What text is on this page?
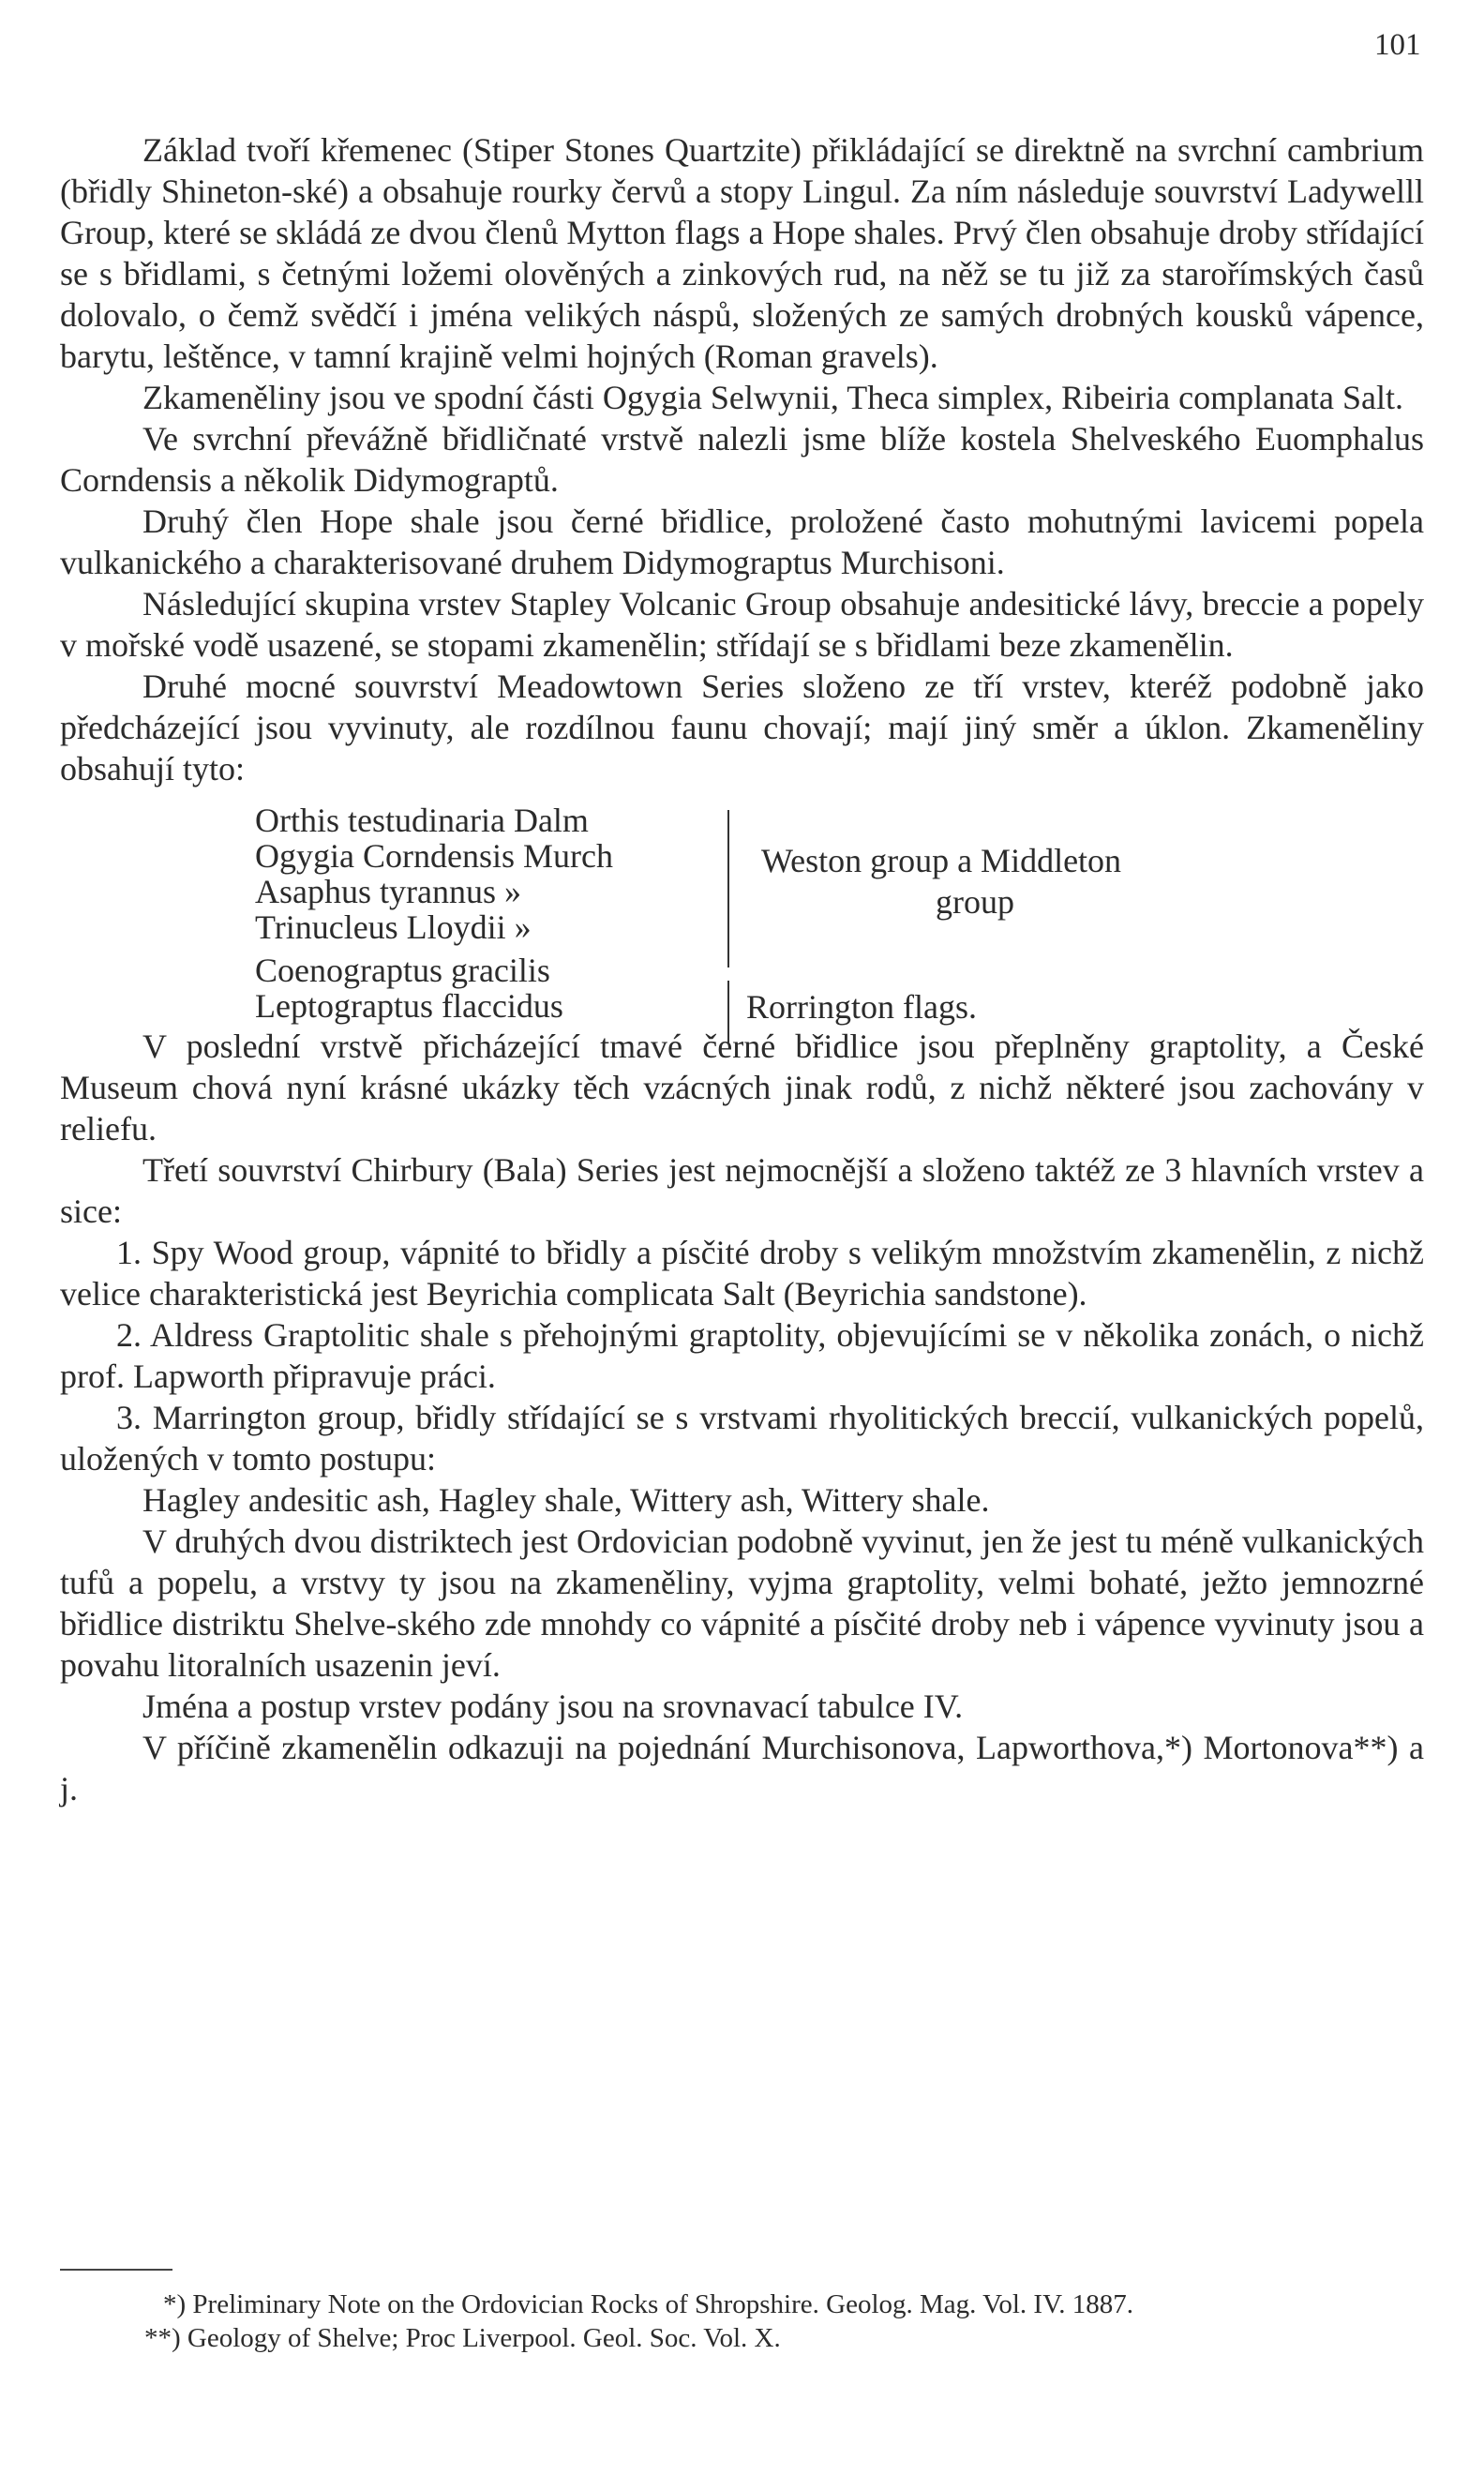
101

Základ tvoří křemenec (Stiper Stones Quartzite) přikládající se direktně na svrchní cambrium (břidly Shineton-ské) a obsahuje rourky červů a stopy Lingul. Za ním následuje souvrství Ladywelll Group, které se skládá ze dvou členů Mytton flags a Hope shales. Prvý člen obsahuje droby střídající se s břidlami, s četnými ložemi olověných a zinkových rud, na něž se tu již za starořímských časů dolovalo, o čemž svědčí i jména velikých náspů, složených ze samých drobných kousků vápence, barytu, leštěnce, v tamní krajině velmi hojných (Roman gravels).

Zkameněliny jsou ve spodní části Ogygia Selwynii, Theca simplex, Ribeiria complanata Salt.

Ve svrchní převážně břidličnaté vrstvě nalezli jsme blíže kostela Shelveského Euomphalus Corndensis a několik Didymograptů.

Druhý člen Hope shale jsou černé břidlice, proložené často mohutnými lavicemi popela vulkanického a charakterisované druhem Didymograptus Murchisoni.

Následující skupina vrstev Stapley Volcanic Group obsahuje andesitické lávy, breccie a popely v mořské vodě usazené, se stopami zkamenělin; střídají se s břidlami beze zkamenělin.

Druhé mocné souvrství Meadowtown Series složeno ze tří vrstev, kteréž podobně jako předcházející jsou vyvinuty, ale rozdílnou faunu chovají; mají jiný směr a úklon. Zkameněliny obsahují tyto:

Orthis testudinaria Dalm
Ogygia Corndensis Murch
Asaphus tyrannus »
Trinucleus Lloydii »
Coenograptus gracilis
Leptograptus flaccidus
Weston group a Middleton
group
Rorrington flags.

V poslední vrstvě přicházející tmavé černé břidlice jsou přeplněny graptolity, a České Museum chová nyní krásné ukázky těch vzácných jinak rodů, z nichž některé jsou zachovány v reliefu.

Třetí souvrství Chirbury (Bala) Series jest nejmocnější a složeno taktéž ze 3 hlavních vrstev a sice:

1. Spy Wood group, vápnité to břidly a písčité droby s velikým množstvím zkamenělin, z nichž velice charakteristická jest Beyrichia complicata Salt (Beyrichia sandstone).

2. Aldress Graptolitic shale s přehojnými graptolity, objevujícími se v několika zonách, o nichž prof. Lapworth připravuje práci.

3. Marrington group, břidly střídající se s vrstvami rhyolitických breccií, vulkanických popelů, uložených v tomto postupu:

Hagley andesitic ash, Hagley shale, Wittery ash, Wittery shale.

V druhých dvou distriktech jest Ordovician podobně vyvinut, jen že jest tu méně vulkanických tufů a popelu, a vrstvy ty jsou na zkameněliny, vyjma graptolity, velmi bohaté, ježto jemnozrné břidlice distriktu Shelve-ského zde mnohdy co vápnité a písčité droby neb i vápence vyvinuty jsou a povahu litoralních usazenin jeví.

Jména a postup vrstev podány jsou na srovnavací tabulce IV.

V příčině zkamenělin odkazuji na pojednání Murchisonova, Lapworthova,*) Mortonova**) a j.

*) Preliminary Note on the Ordovician Rocks of Shropshire. Geolog. Mag. Vol. IV. 1887.

**) Geology of Shelve; Proc Liverpool. Geol. Soc. Vol. X.
